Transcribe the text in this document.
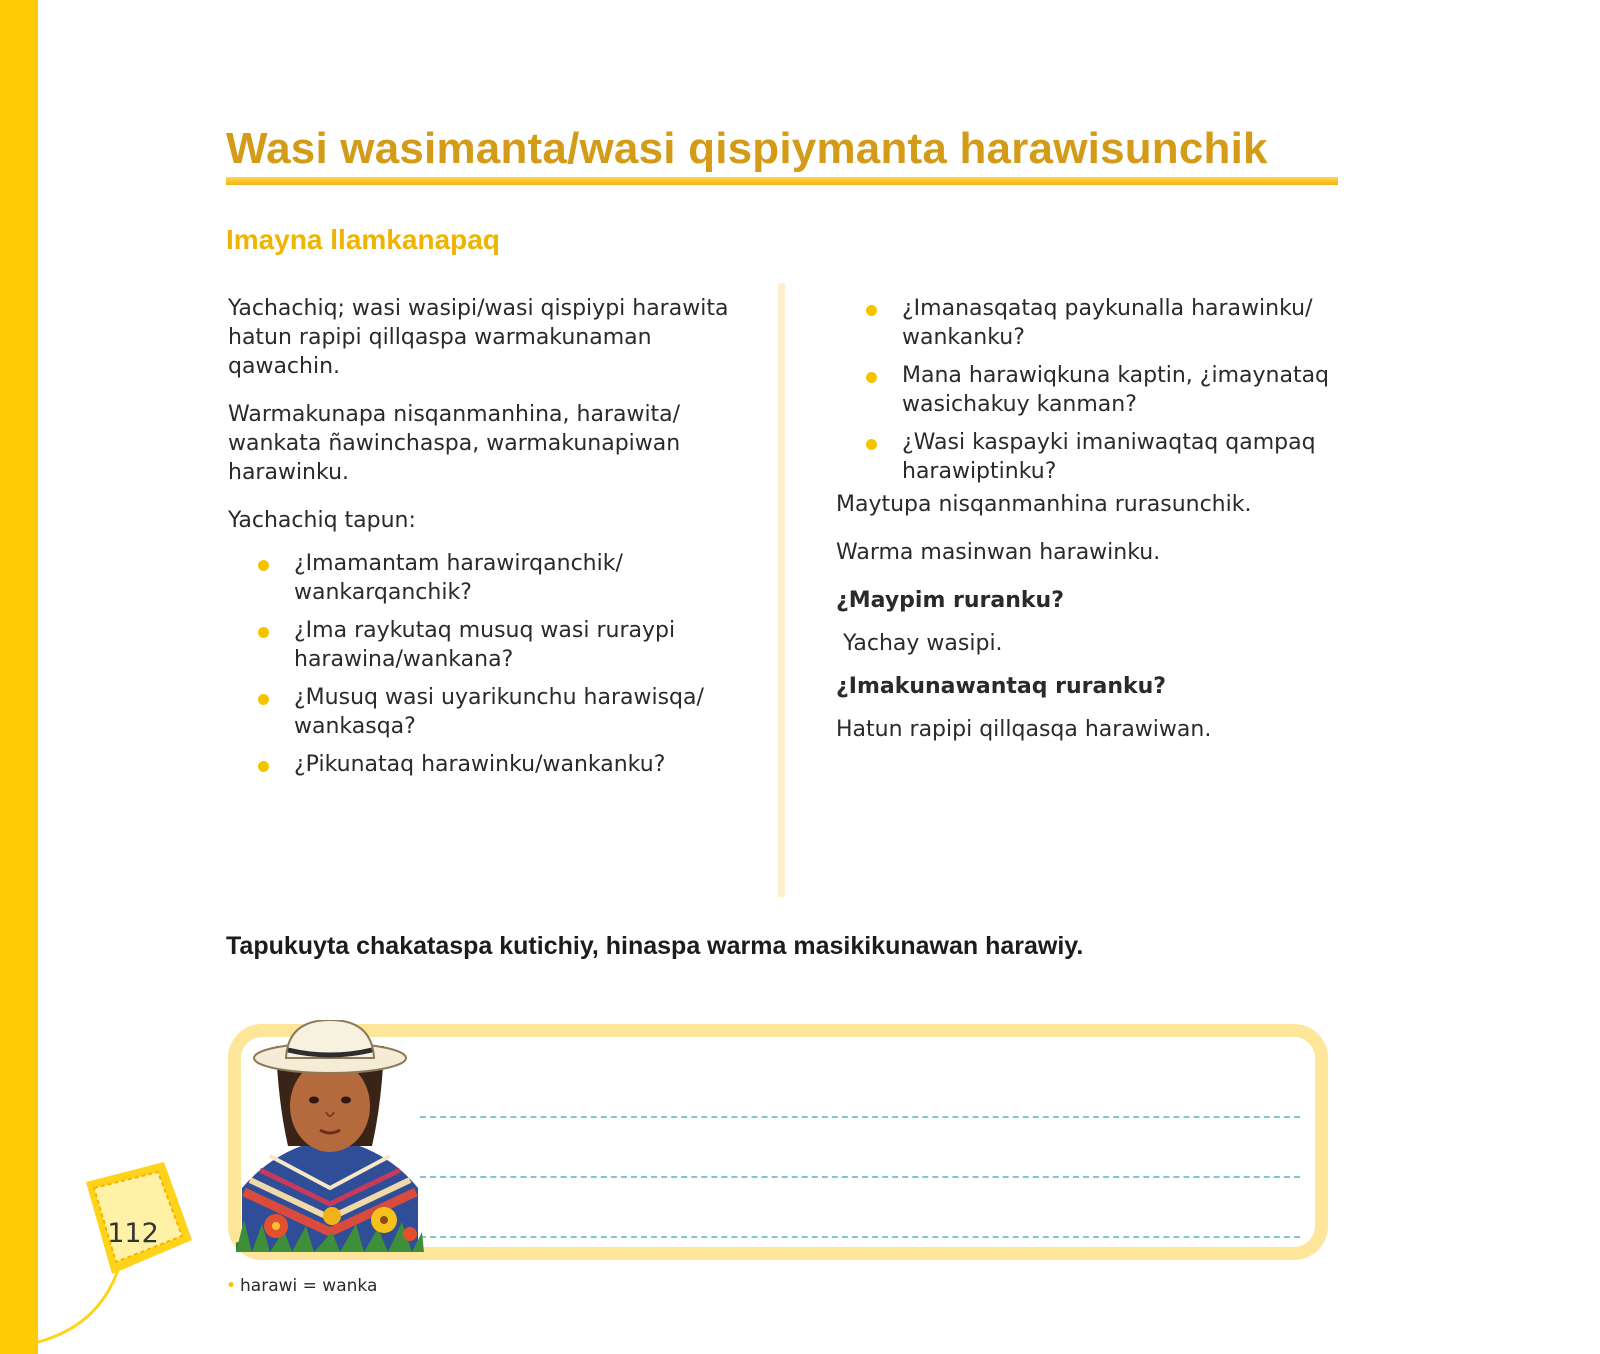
Wasi wasimanta/wasi qispiymanta harawisunchik
Imayna llamkanapaq

Yachachiq; wasi wasipi/wasi qispiypi harawita hatun rapipi qillqaspa warmakunaman qawachin.

Warmakunapa nisqanmanhina, harawita/ wankata ñawinchaspa, warmakunapiwan harawinku.

Yachachiq tapun:

¿Imamantam harawirqanchik/ wankarqanchik?
¿Ima raykutaq musuq wasi ruraypi harawina/wankana?
¿Musuq wasi uyarikunchu harawisqa/ wankasqa?
¿Pikunataq harawinku/wankanku?
¿Imanasqataq paykunalla harawinku/ wankanku?
Mana harawiqkuna kaptin, ¿imaynataq wasichakuy kanman?
¿Wasi kaspayki imaniwaqtaq qampaq harawiptinku?

Maytupa nisqanmanhina rurasunchik.

Warma masinwan harawinku.

¿Maypim ruranku?

Yachay wasipi.

¿Imakunawantaq ruranku?

Hatun rapipi qillqasqa harawiwan.

Tapukuyta chakataspa kutichiy, hinaspa warma masikikunawan harawiy.

112
• harawi = wanka
